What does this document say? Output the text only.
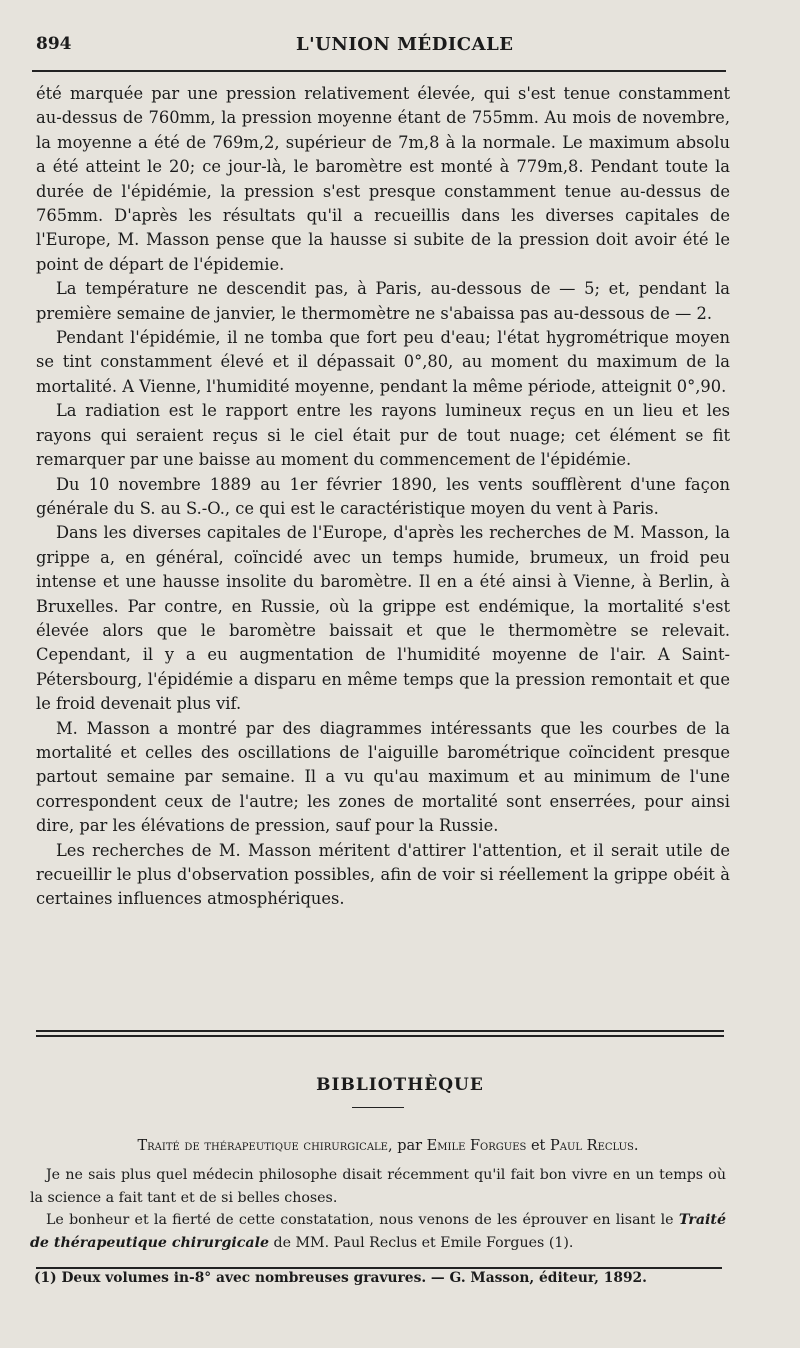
894	L'UNION MÉDICALE

été marquée par une pression relativement élevée, qui s'est tenue constamment au-dessus de 760mm, la pression moyenne étant de 755mm. Au mois de novembre, la moyenne a été de 769m,2, supérieur de 7m,8 à la normale. Le maximum absolu a été atteint le 20; ce jour-là, le baromètre est monté à 779m,8. Pendant toute la durée de l'épidémie, la pression s'est presque constamment tenue au-dessus de 765mm. D'après les résultats qu'il a recueillis dans les diverses capitales de l'Europe, M. Masson pense que la hausse si subite de la pression doit avoir été le point de départ de l'épidemie.

La température ne descendit pas, à Paris, au-dessous de — 5; et, pendant la première semaine de janvier, le thermomètre ne s'abaissa pas au-dessous de — 2.

Pendant l'épidémie, il ne tomba que fort peu d'eau; l'état hygrométrique moyen se tint constamment élevé et il dépassait 0°,80, au moment du maximum de la mortalité. A Vienne, l'humidité moyenne, pendant la même période, atteignit 0°,90.

La radiation est le rapport entre les rayons lumineux reçus en un lieu et les rayons qui seraient reçus si le ciel était pur de tout nuage; cet élément se fit remarquer par une baisse au moment du commencement de l'épidémie.

Du 10 novembre 1889 au 1er février 1890, les vents soufflèrent d'une façon générale du S. au S.-O., ce qui est le caractéristique moyen du vent à Paris.

Dans les diverses capitales de l'Europe, d'après les recherches de M. Masson, la grippe a, en général, coïncidé avec un temps humide, brumeux, un froid peu intense et une hausse insolite du baromètre. Il en a été ainsi à Vienne, à Berlin, à Bruxelles. Par contre, en Russie, où la grippe est endémique, la mortalité s'est élevée alors que le baromètre baissait et que le thermomètre se relevait. Cependant, il y a eu augmentation de l'humidité moyenne de l'air. A Saint-Pétersbourg, l'épidémie a disparu en même temps que la pression remontait et que le froid devenait plus vif.

M. Masson a montré par des diagrammes intéressants que les courbes de la mortalité et celles des oscillations de l'aiguille barométrique coïncident presque partout semaine par semaine. Il a vu qu'au maximum et au minimum de l'une correspondent ceux de l'autre; les zones de mortalité sont enserrées, pour ainsi dire, par les élévations de pression, sauf pour la Russie.

Les recherches de M. Masson méritent d'attirer l'attention, et il serait utile de recueillir le plus d'observation possibles, afin de voir si réellement la grippe obéit à certaines influences atmosphériques.

BIBLIOTHÈQUE
Traité de thérapeutique chirurgicale, par Emile Forgues et Paul Reclus.

Je ne sais plus quel médecin philosophe disait récemment qu'il fait bon vivre en un temps où la science a fait tant et de si belles choses.

Le bonheur et la fierté de cette constatation, nous venons de les éprouver en lisant le Traité de thérapeutique chirurgicale de MM. Paul Reclus et Emile Forgues (1).

(1) Deux volumes in-8° avec nombreuses gravures. — G. Masson, éditeur, 1892.
